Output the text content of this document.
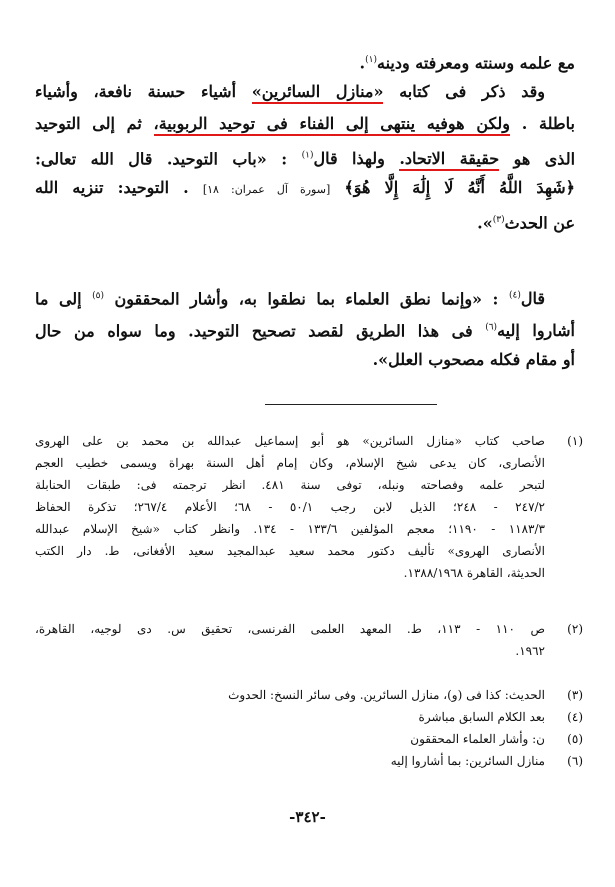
مع علمه وسنته ومعرفته ودينه$^{(١)}$.
وقد ذكر فى كتابه «منازل السائرين» أشياء حسنة نافعة، وأشياء
باطلة . ولكن هوفيه ينتهى إلى الفناء فى توحيد الربوبية، ثم إلى التوحيد
الذى هو حقيقة الاتحاد. ولهذا قال$^{(١)}$ : «باب التوحيد. قال الله تعالى:
﴿شَهِدَ اللَّهُ أَنَّهُ لَا إِلَٰهَ إِلَّا هُوَ﴾ [سورة آل عمران: ١٨] . التوحيد: تنزيه الله
عن الحدث$^{(٣)}$».
قال$^{(٤)}$ : «وإنما نطق العلماء بما نطقوا به، وأشار المحققون $^{(٥)}$ إلى ما
أشاروا إليه$^{(٦)}$ فى هذا الطريق لقصد تصحيح التوحيد. وما سواه من حال
أو مقام فكله مصحوب العلل».
(١)
صاحب كتاب «منازل السائرين» هو أبو إسماعيل عبدالله بن محمد بن على الهروى
الأنصارى، كان يدعى شيخ الإسلام، وكان إمام أهل السنة بهراة ويسمى خطيب العجم
لتبحر علمه وفصاحته ونبله، توفى سنة ٤٨١. انظر ترجمته فى: طبقات الحنابلة
٢٤٧/٢ - ٢٤٨؛ الذيل لابن رجب ٥٠/١ - ٦٨؛ الأعلام ٢٦٧/٤؛ تذكرة الحفاظ
١١٨٣/٣ - ١١٩٠؛ معجم المؤلفين ١٣٣/٦ - ١٣٤. وانظر كتاب «شيخ الإسلام عبدالله
الأنصارى الهروى» تأليف دكتور محمد سعيد عبدالمجيد سعيد الأفغانى، ط. دار الكتب
الحديثة، القاهرة ١٣٨٨/١٩٦٨.
(٢)
ص ١١٠ - ١١٣، ط. المعهد العلمى الفرنسى، تحقيق س. دى لوجيه، القاهرة،
١٩٦٢.
(٣)
الحديث: كذا فى (و)، منازل السائرين. وفى سائر النسخ: الحدوث
(٤)
بعد الكلام السابق مباشرة
(٥)
ن: وأشار العلماء المحققون
(٦)
منازل السائرين: بما أشاروا إليه
-٣٤٢-
